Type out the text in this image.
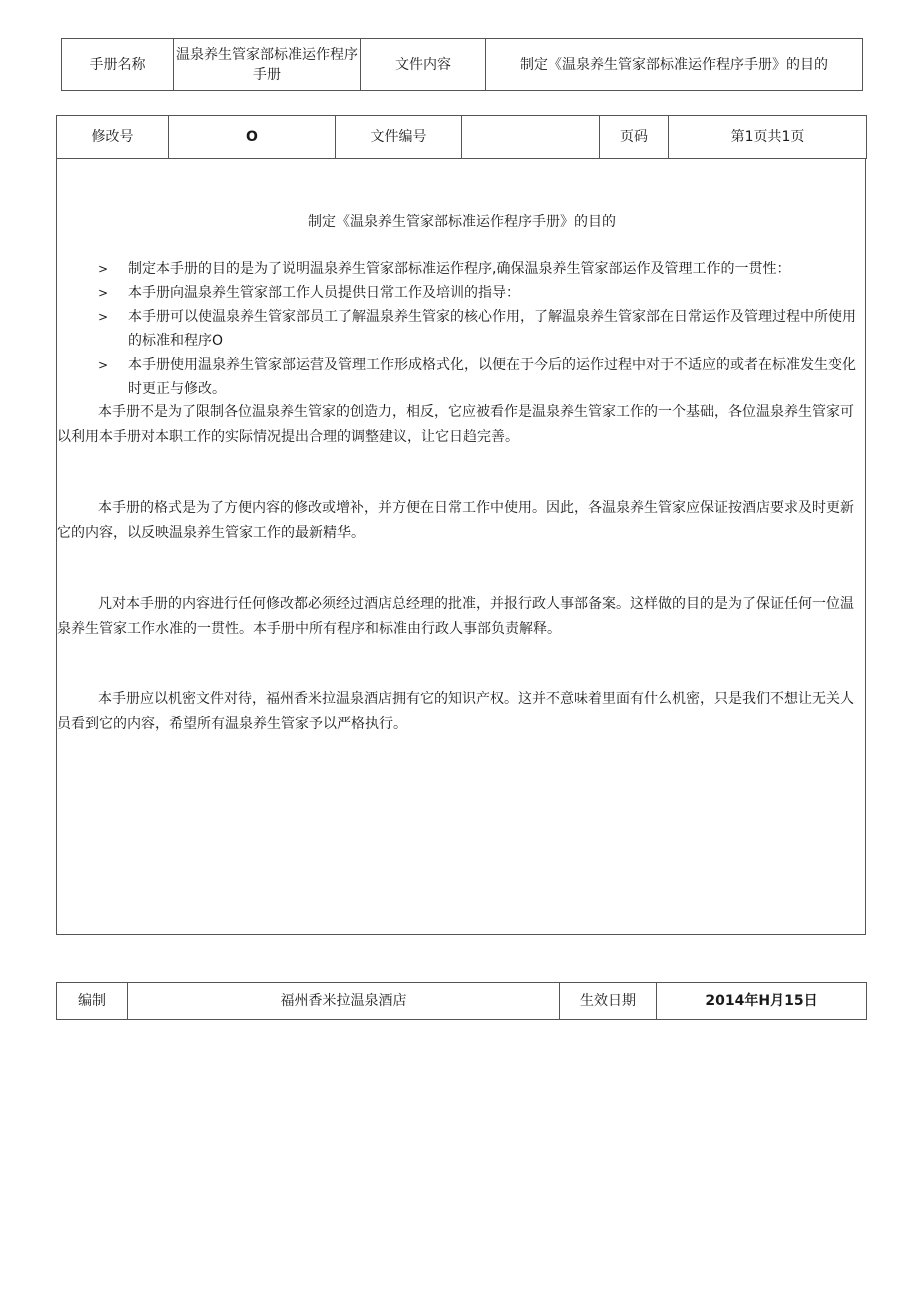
手册名称	温泉养生管家部标准运作程序手册	文件内容	制定《温泉养生管家部标准运作程序手册》的目的
修改号	O	文件编号		页码	第1页共1页
制定《温泉养生管家部标准运作程序手册》的目的
> 制定本手册的目的是为了说明温泉养生管家部标准运作程序,确保温泉养生管家部运作及管理工作的一贯性：
> 本手册向温泉养生管家部工作人员提供日常工作及培训的指导：
> 本手册可以使温泉养生管家部员工了解温泉养生管家的核心作用，了解温泉养生管家部在日常运作及管理过程中所使用的标准和程序O
> 本手册使用温泉养生管家部运营及管理工作形成格式化，以便在于今后的运作过程中对于不适应的或者在标准发生变化时更正与修改。
本手册不是为了限制各位温泉养生管家的创造力，相反，它应被看作是温泉养生管家工作的一个基础，各位温泉养生管家可以利用本手册对本职工作的实际情况提出合理的调整建议，让它日趋完善。
本手册的格式是为了方便内容的修改或增补，并方便在日常工作中使用。因此，各温泉养生管家应保证按酒店要求及时更新它的内容，以反映温泉养生管家工作的最新精华。
凡对本手册的内容进行任何修改都必须经过酒店总经理的批准，并报行政人事部备案。这样做的目的是为了保证任何一位温泉养生管家工作水准的一贯性。本手册中所有程序和标准由行政人事部负责解释。
本手册应以机密文件对待，福州香米拉温泉酒店拥有它的知识产权。这并不意味着里面有什么机密，只是我们不想让无关人员看到它的内容，希望所有温泉养生管家予以严格执行。
编制	福州香米拉温泉酒店	生效日期	2014年H月15日
